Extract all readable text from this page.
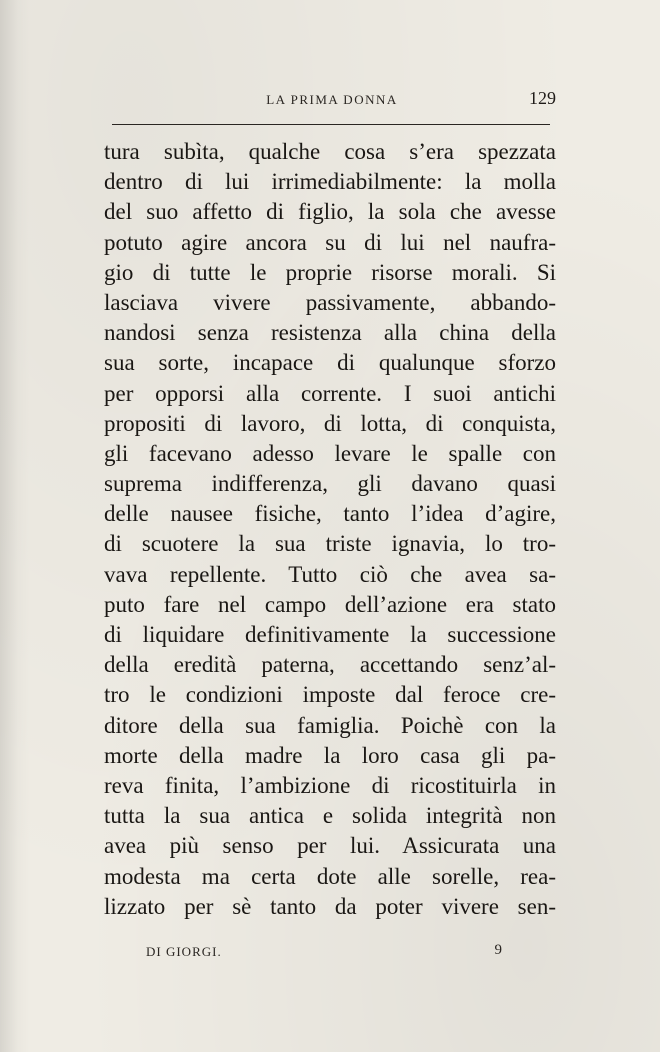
LA PRIMA DONNA	129
tura subìta, qualche cosa s’era spezzata
dentro di lui irrimediabilmente: la molla
del suo affetto di figlio, la sola che avesse
potuto agire ancora su di lui nel naufra-
gio di tutte le proprie risorse morali. Si
lasciava vivere passivamente, abbando-
nandosi senza resistenza alla china della
sua sorte, incapace di qualunque sforzo
per opporsi alla corrente. I suoi antichi
propositi di lavoro, di lotta, di conquista,
gli facevano adesso levare le spalle con
suprema indifferenza, gli davano quasi
delle nausee fisiche, tanto l’idea d’agire,
di scuotere la sua triste ignavia, lo tro-
vava repellente. Tutto ciò che avea sa-
puto fare nel campo dell’azione era stato
di liquidare definitivamente la successione
della eredità paterna, accettando senz’al-
tro le condizioni imposte dal feroce cre-
ditore della sua famiglia. Poichè con la
morte della madre la loro casa gli pa-
reva finita, l’ambizione di ricostituirla in
tutta la sua antica e solida integrità non
avea più senso per lui. Assicurata una
modesta ma certa dote alle sorelle, rea-
lizzato per sè tanto da poter vivere sen-
DI GIORGI.	9
